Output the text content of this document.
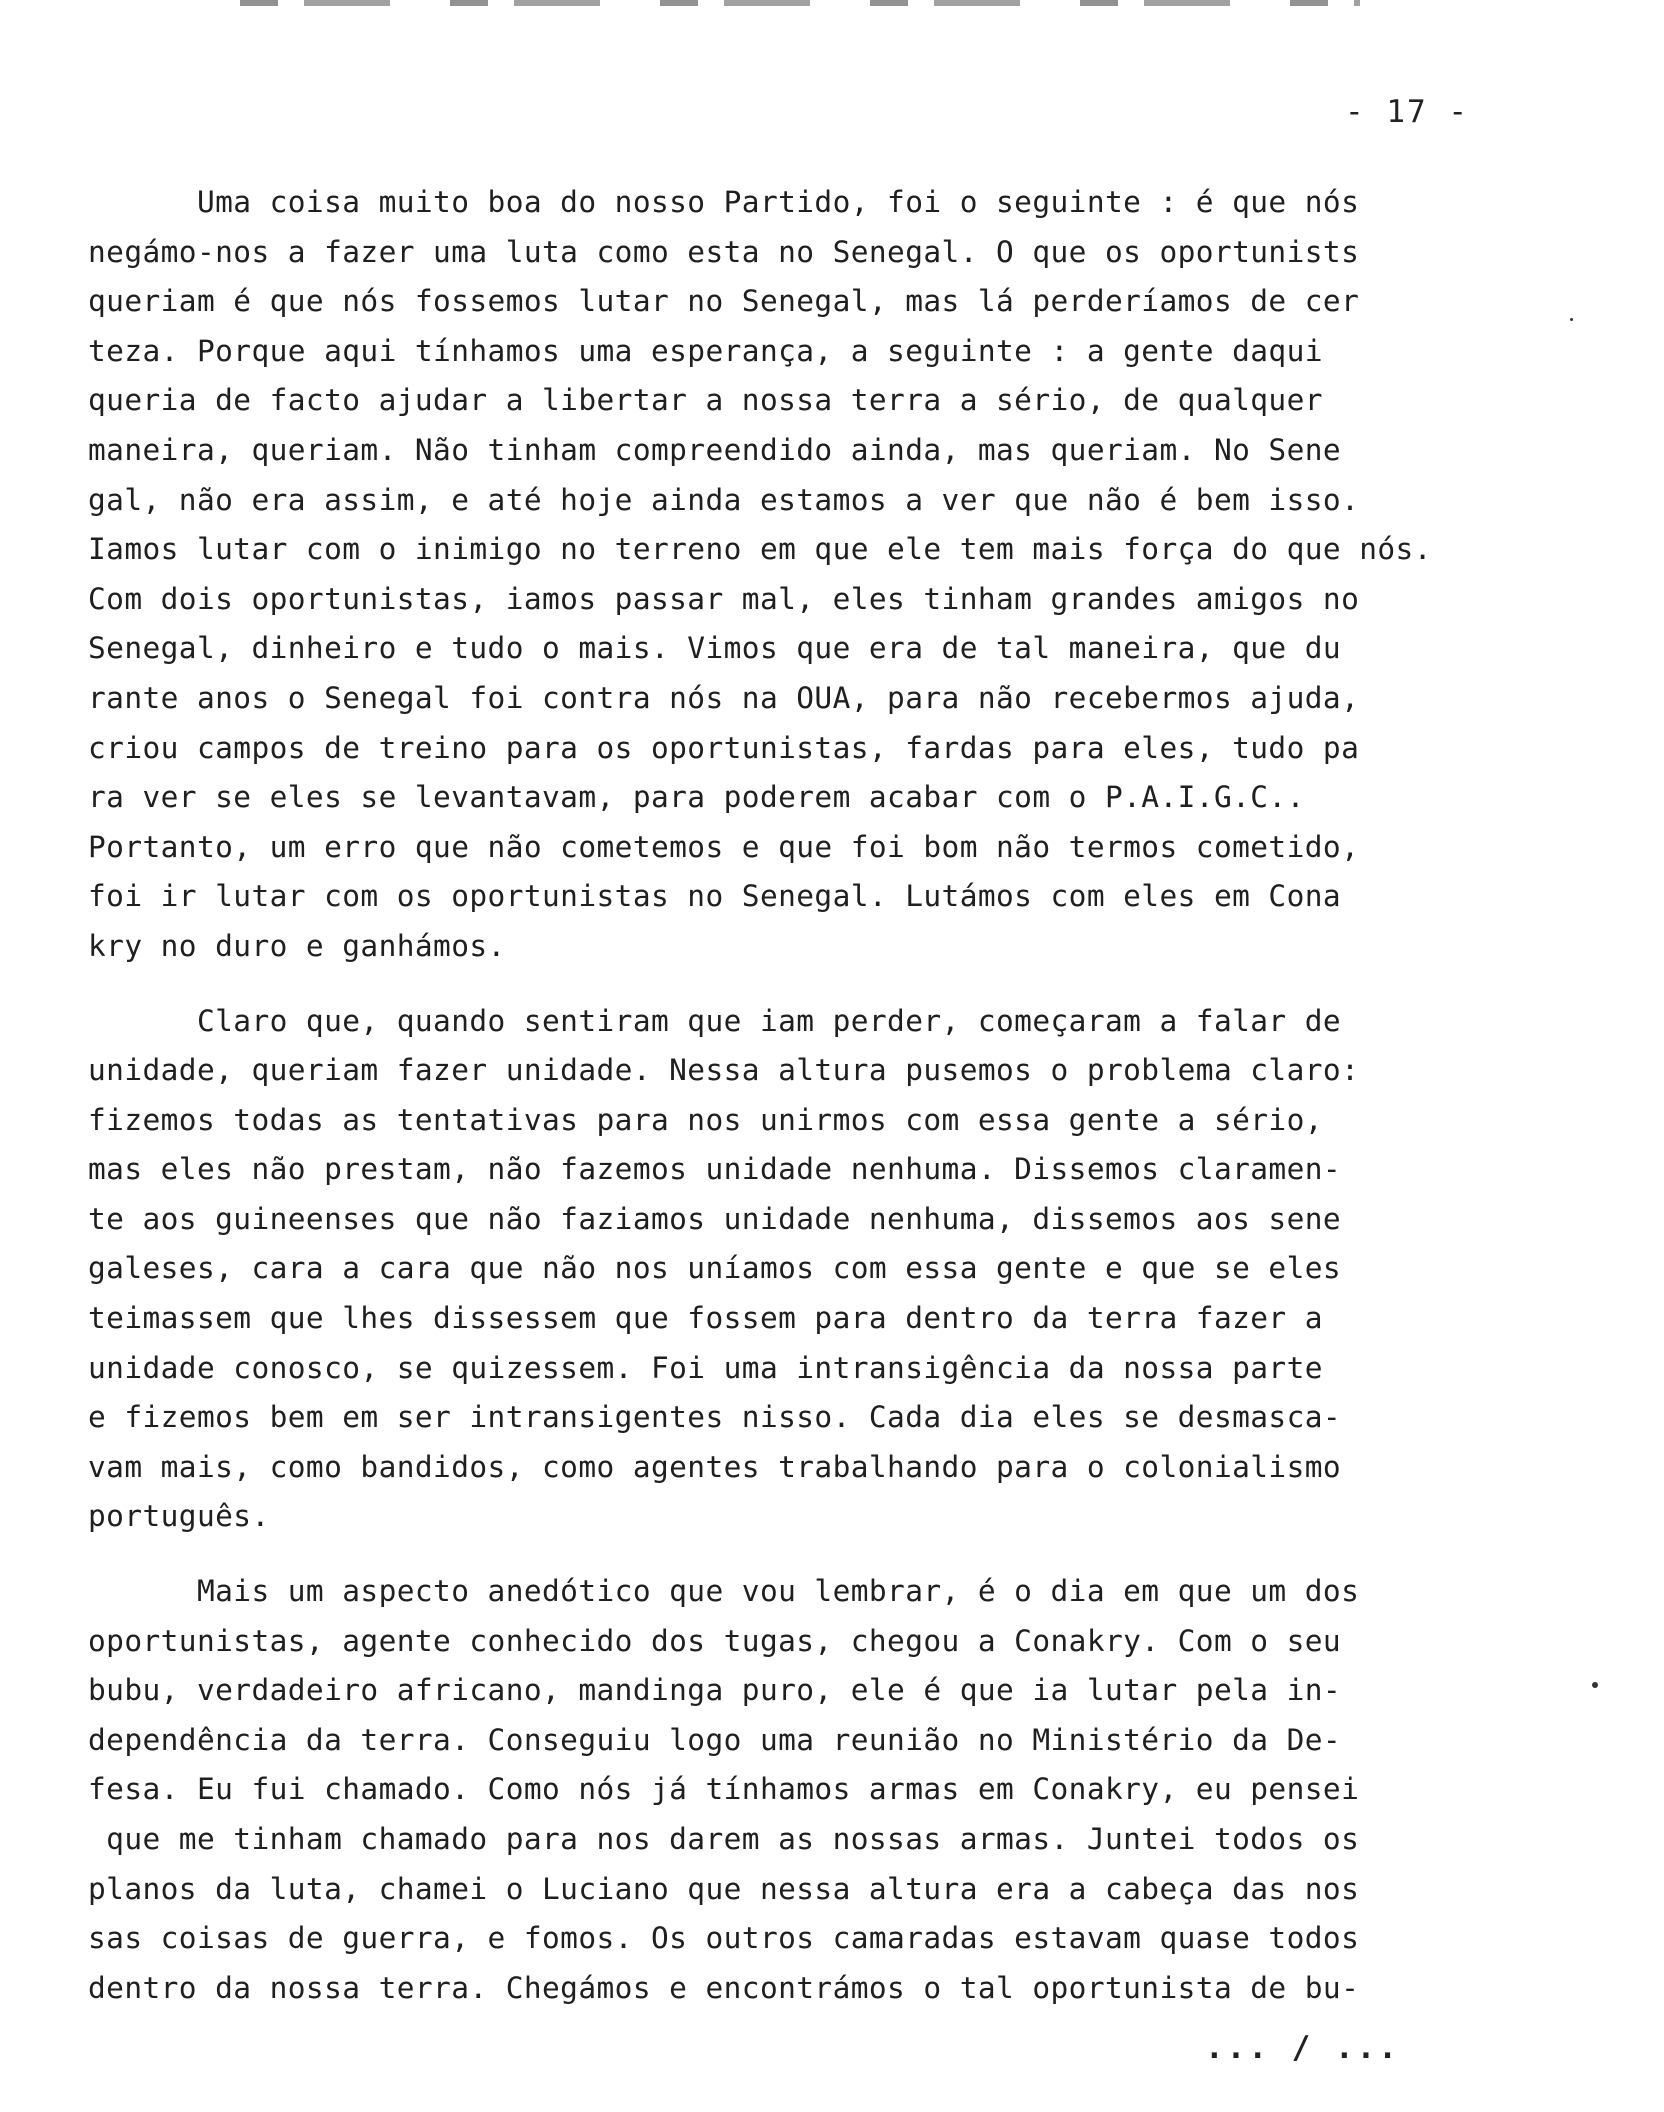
- 17 -
Uma coisa muito boa do nosso Partido, foi o seguinte : é que nós
negámo-nos a fazer uma luta como esta no Senegal. O que os oportunists
queriam é que nós fossemos lutar no Senegal, mas lá perderíamos de cer
teza. Porque aqui tínhamos uma esperança, a seguinte : a gente daqui
queria de facto ajudar a libertar a nossa terra a sério, de qualquer
maneira, queriam. Não tinham compreendido ainda, mas queriam. No Sene
gal, não era assim, e até hoje ainda estamos a ver que não é bem isso.
Iamos lutar com o inimigo no terreno em que ele tem mais força do que nós.
Com dois oportunistas, iamos passar mal, eles tinham grandes amigos no
Senegal, dinheiro e tudo o mais. Vimos que era de tal maneira, que du
rante anos o Senegal foi contra nós na OUA, para não recebermos ajuda,
criou campos de treino para os oportunistas, fardas para eles, tudo pa
ra ver se eles se levantavam, para poderem acabar com o P.A.I.G.C..
Portanto, um erro que não cometemos e que foi bom não termos cometido,
foi ir lutar com os oportunistas no Senegal. Lutámos com eles em Cona
kry no duro e ganhámos.
Claro que, quando sentiram que iam perder, começaram a falar de
unidade, queriam fazer unidade. Nessa altura pusemos o problema claro:
fizemos todas as tentativas para nos unirmos com essa gente a sério,
mas eles não prestam, não fazemos unidade nenhuma. Dissemos claramen-
te aos guineenses que não faziamos unidade nenhuma, dissemos aos sene
galeses, cara a cara que não nos uníamos com essa gente e que se eles
teimassem que lhes dissessem que fossem para dentro da terra fazer a
unidade conosco, se quizessem. Foi uma intransigência da nossa parte
e fizemos bem em ser intransigentes nisso. Cada dia eles se desmasca-
vam mais, como bandidos, como agentes trabalhando para o colonialismo
português.
Mais um aspecto anedótico que vou lembrar, é o dia em que um dos
oportunistas, agente conhecido dos tugas, chegou a Conakry. Com o seu
bubu, verdadeiro africano, mandinga puro, ele é que ia lutar pela in-
dependência da terra. Conseguiu logo uma reunião no Ministério da De-
fesa. Eu fui chamado. Como nós já tínhamos armas em Conakry, eu pensei
que me tinham chamado para nos darem as nossas armas. Juntei todos os
planos da luta, chamei o Luciano que nessa altura era a cabeça das nos
sas coisas de guerra, e fomos. Os outros camaradas estavam quase todos
dentro da nossa terra. Chegámos e encontrámos o tal oportunista de bu-
... / ...
